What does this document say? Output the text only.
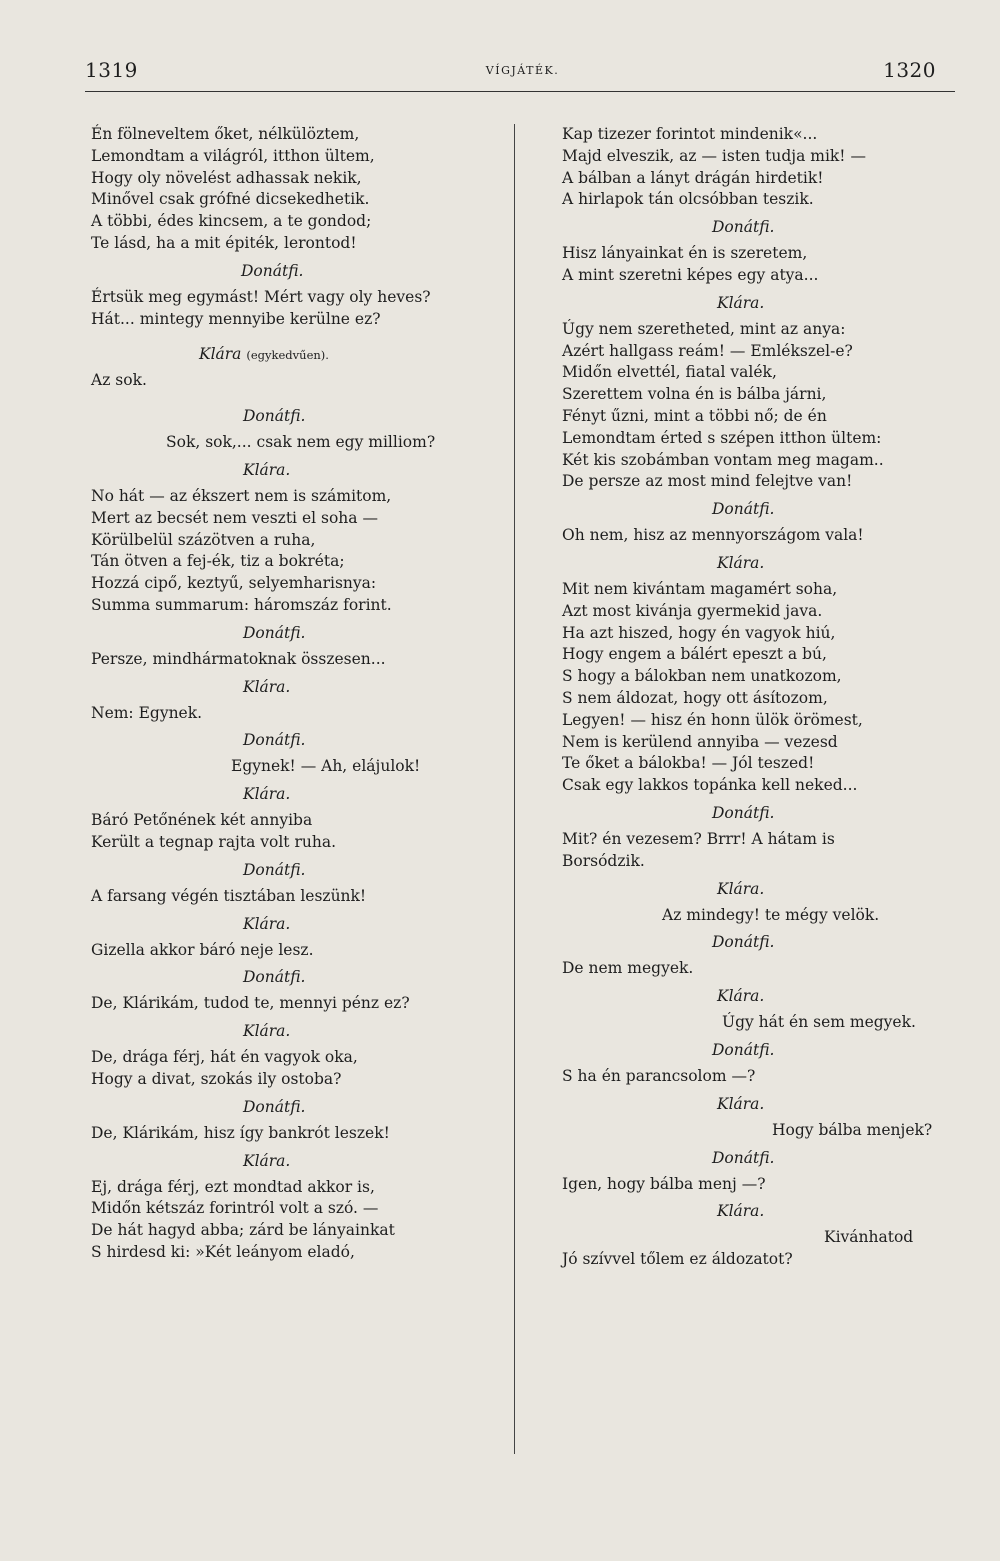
1319	VÍGJÁTÉK.	1320
Én fölneveltem őket, nélkülöztem,
Lemondtam a világról, itthon ültem,
Hogy oly növelést adhassak nekik,
Minővel csak grófné dicsekedhetik.
A többi, édes kincsem, a te gondod;
Te lásd, ha a mit épiték, lerontod!
Donátfi.
Értsük meg egymást! Mért vagy oly heves?
Hát... mintegy mennyibe kerülne ez?
Klára (egykedvűen).
Az sok.
Donátfi.
Sok, sok,... csak nem egy milliom?
Klára.
No hát — az ékszert nem is számitom,
Mert az becsét nem veszti el soha —
Körülbelül százötven a ruha,
Tán ötven a fej-ék, tiz a bokréta;
Hozzá cipő, keztyű, selyemharisnya:
Summa summarum: háromszáz forint.
Donátfi.
Persze, mindhármatoknak összesen...
Klára.
Nem: Egynek.
Donátfi.
Egynek! — Ah, elájulok!
Klára.
Báró Petőnének két annyiba
Került a tegnap rajta volt ruha.
Donátfi.
A farsang végén tisztában leszünk!
Klára.
Gizella akkor báró neje lesz.
Donátfi.
De, Klárikám, tudod te, mennyi pénz ez?
Klára.
De, drága férj, hát én vagyok oka,
Hogy a divat, szokás ily ostoba?
Donátfi.
De, Klárikám, hisz így bankrót leszek!
Klára.
Ej, drága férj, ezt mondtad akkor is,
Midőn kétszáz forintról volt a szó. —
De hát hagyd abba; zárd be lányainkat
S hirdesd ki: »Két leányom eladó,
Kap tizezer forintot mindenik«...
Majd elveszik, az — isten tudja mik! —
A bálban a lányt drágán hirdetik!
A hirlapok tán olcsóbban teszik.
Donátfi.
Hisz lányainkat én is szeretem,
A mint szeretni képes egy atya...
Klára.
Úgy nem szeretheted, mint az anya:
Azért hallgass reám! — Emlékszel-e?
Midőn elvettél, fiatal valék,
Szerettem volna én is bálba járni,
Fényt űzni, mint a többi nő; de én
Lemondtam érted s szépen itthon ültem:
Két kis szobámban vontam meg magam..
De persze az most mind felejtve van!
Donátfi.
Oh nem, hisz az mennyországom vala!
Klára.
Mit nem kivántam magamért soha,
Azt most kivánja gyermekid java.
Ha azt hiszed, hogy én vagyok hiú,
Hogy engem a bálért epeszt a bú,
S hogy a bálokban nem unatkozom,
S nem áldozat, hogy ott ásítozom,
Legyen! — hisz én honn ülök örömest,
Nem is kerülend annyiba — vezesd
Te őket a bálokba! — Jól teszed!
Csak egy lakkos topánka kell neked...
Donátfi.
Mit? én vezesem? Brrr! A hátam is
Borsódzik.
Klára.
Az mindegy! te mégy velök.
Donátfi.
De nem megyek.
Klára.
Úgy hát én sem megyek.
Donátfi.
S ha én parancsolom —?
Klára.
Hogy bálba menjek?
Donátfi.
Igen, hogy bálba menj —?
Klára.
Kivánhatod
Jó szívvel tőlem ez áldozatot?
